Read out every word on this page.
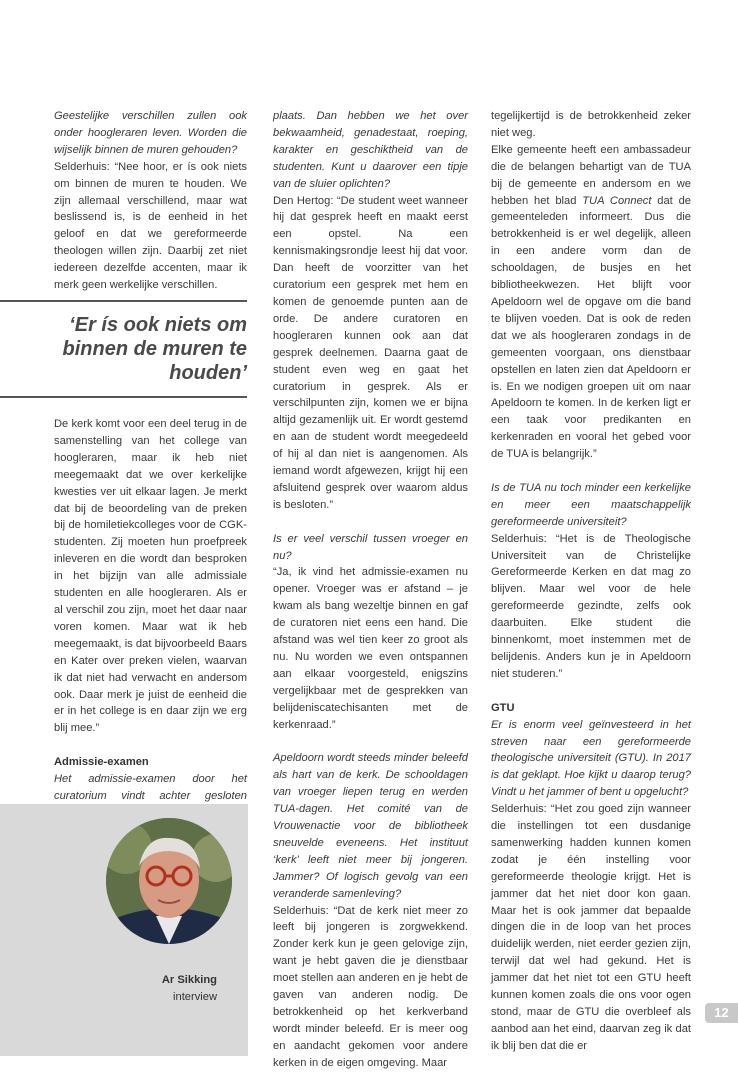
Geestelijke verschillen zullen ook onder hoogleraren leven. Worden die wijselijk binnen de muren gehouden?

Selderhuis: “Nee hoor, er ís ook niets om binnen de muren te houden. We zijn allemaal verschillend, maar wat beslissend is, is de eenheid in het geloof en dat we gereformeerde theologen willen zijn. Daarbij zet niet iedereen dezelfde accenten, maar ik merk geen werkelijke verschillen.

‘Er ís ook niets om binnen de muren te houden’

De kerk komt voor een deel terug in de samenstelling van het college van hoogleraren, maar ik heb niet meegemaakt dat we over kerkelijke kwesties ver uit elkaar lagen. Je merkt dat bij de beoordeling van de preken bij de homiletiekcolleges voor de CGK-studenten. Zij moeten hun proefpreek inleveren en die wordt dan besproken in het bijzijn van alle admissiale studenten en alle hoogleraren. Als er al verschil zou zijn, moet het daar naar voren komen. Maar wat ik heb meegemaakt, is dat bijvoorbeeld Baars en Kater over preken vielen, waarvan ik dat niet had verwacht en andersom ook. Daar merk je juist de eenheid die er in het college is en daar zijn we erg blij mee.”

Admissie-examen

Het admissie-examen door het curatorium vindt achter gesloten

plaats. Dan hebben we het over bekwaamheid, genadestaat, roeping, karakter en geschiktheid van de studenten. Kunt u daarover een tipje van de sluier oplichten?

Den Hertog: “De student weet wanneer hij dat gesprek heeft en maakt eerst een opstel. Na een kennismakingsrondje leest hij dat voor. Dan heeft de voorzitter van het curatorium een gesprek met hem en komen de genoemde punten aan de orde. De andere curatoren en hoogleraren kunnen ook aan dat gesprek deelnemen. Daarna gaat de student even weg en gaat het curatorium in gesprek. Als er verschilpunten zijn, komen we er bijna altijd gezamenlijk uit. Er wordt gestemd en aan de student wordt meegedeeld of hij al dan niet is aangenomen. Als iemand wordt afgewezen, krijgt hij een afsluitend gesprek over waarom aldus is besloten.”

Is er veel verschil tussen vroeger en nu?

“Ja, ik vind het admissie-examen nu opener. Vroeger was er afstand – je kwam als bang wezeltje binnen en gaf de curatoren niet eens een hand. Die afstand was wel tien keer zo groot als nu. Nu worden we even ontspannen aan elkaar voorgesteld, enigszins vergelijkbaar met de gesprekken van belijdeniscatechisanten met de kerkenraad.”

Apeldoorn wordt steeds minder beleefd als hart van de kerk. De schooldagen van vroeger liepen terug en werden TUA-dagen. Het comité van de Vrouwenactie voor de bibliotheek sneuvelde eveneens. Het instituut ‘kerk’ leeft niet meer bij jongeren. Jammer? Of logisch gevolg van een veranderde samenleving?

Selderhuis: “Dat de kerk niet meer zo leeft bij jongeren is zorgwekkend. Zonder kerk kun je geen gelovige zijn, want je hebt gaven die je dienstbaar moet stellen aan anderen en je hebt de gaven van anderen nodig. De betrokkenheid op het kerkverband wordt minder beleefd. Er is meer oog en aandacht gekomen voor andere kerken in de eigen omgeving. Maar

tegelijkertijd is de betrokkenheid zeker niet weg.

Elke gemeente heeft een ambassadeur die de belangen behartigt van de TUA bij de gemeente en andersom en we hebben het blad TUA Connect dat de gemeenteleden informeert. Dus die betrokkenheid is er wel degelijk, alleen in een andere vorm dan de schooldagen, de busjes en het bibliotheekwezen. Het blijft voor Apeldoorn wel de opgave om die band te blijven voeden. Dat is ook de reden dat we als hoogleraren zondags in de gemeenten voorgaan, ons dienstbaar opstellen en laten zien dat Apeldoorn er is. En we nodigen groepen uit om naar Apeldoorn te komen. In de kerken ligt er een taak voor predikanten en kerkenraden en vooral het gebed voor de TUA is belangrijk.”

Is de TUA nu toch minder een kerkelijke en meer een maatschappelijk gereformeerde universiteit?

Selderhuis: “Het is de Theologische Universiteit van de Christelijke Gereformeerde Kerken en dat mag zo blijven. Maar wel voor de hele gereformeerde gezindte, zelfs ook daarbuiten. Elke student die binnenkomt, moet instemmen met de belijdenis. Anders kun je in Apeldoorn niet studeren.”

GTU

Er is enorm veel geïnvesteerd in het streven naar een gereformeerde theologische universiteit (GTU). In 2017 is dat geklapt. Hoe kijkt u daarop terug? Vindt u het jammer of bent u opgelucht?

Selderhuis: “Het zou goed zijn wanneer die instellingen tot een dusdanige samenwerking hadden kunnen komen zodat je één instelling voor gereformeerde theologie krijgt. Het is jammer dat het niet door kon gaan. Maar het is ook jammer dat bepaalde dingen die in de loop van het proces duidelijk werden, niet eerder gezien zijn, terwijl dat wel had gekund. Het is jammer dat het niet tot een GTU heeft kunnen komen zoals die ons voor ogen stond, maar de GTU die overbleef als aanbod aan het eind, daarvan zeg ik dat ik blij ben dat die er

Ar Sikking
interview
12
